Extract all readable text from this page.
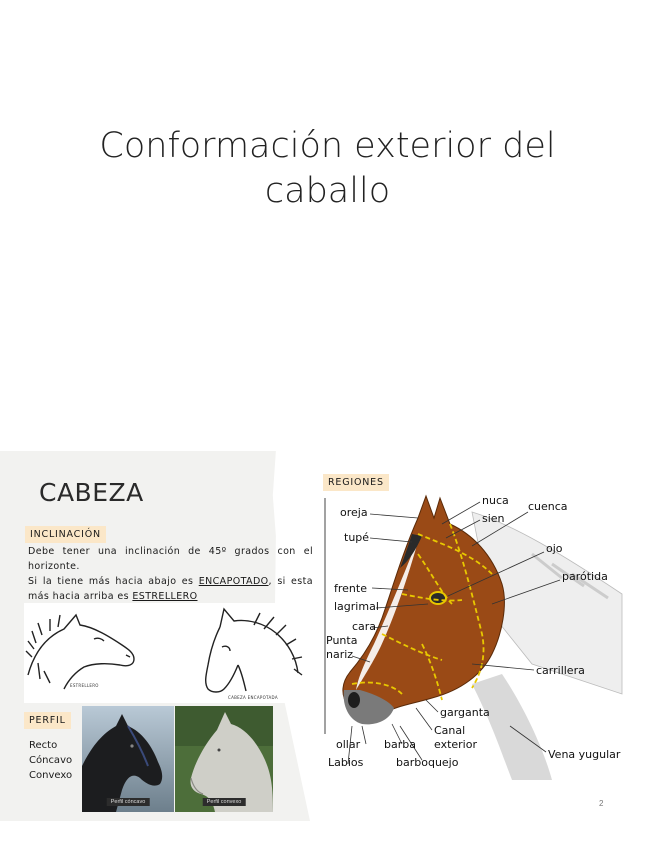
Conformación exterior del
caballo
CABEZA
INCLINACIÓN
Debe tener una inclinación de 45º grados con el horizonte.
Si la tiene más hacia abajo es ENCAPOTADO, si esta más hacia arriba es ESTRELLERO
ESTRELLERO
CABEZA ENCAPOTADA
PERFIL
Recto
Cóncavo
Convexo
Perfil cóncavo	Perfil convexo
REGIONES
nuca
sien
cuenca
oreja
tupé
ojo
parótida
frente
lagrimal
cara
Punta
nariz
carrillera
garganta
Canal
exterior
ollar barba
Labios	barboquejo
Vena yugular
2
